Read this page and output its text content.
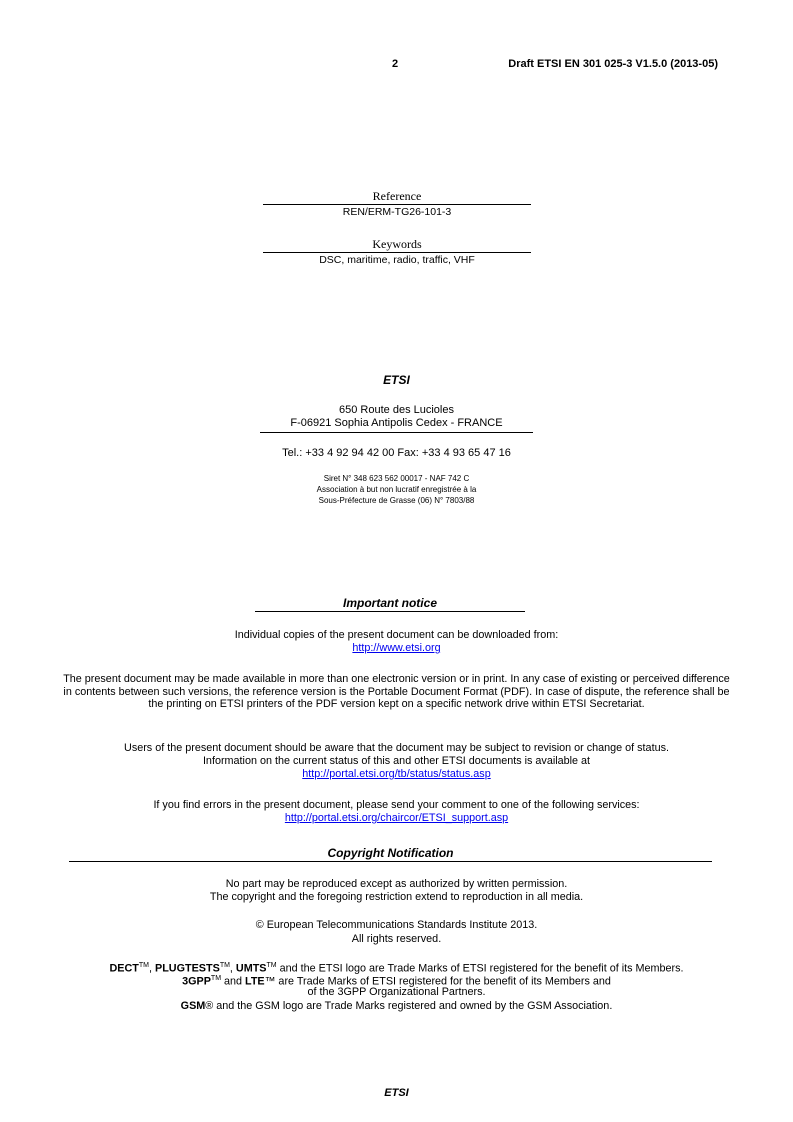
2	Draft ETSI EN 301 025-3 V1.5.0 (2013-05)
Reference
REN/ERM-TG26-101-3
Keywords
DSC, maritime, radio, traffic, VHF
ETSI
650 Route des Lucioles
F-06921 Sophia Antipolis Cedex - FRANCE
Tel.: +33 4 92 94 42 00 Fax: +33 4 93 65 47 16
Siret N° 348 623 562 00017 - NAF 742 C
Association à but non lucratif enregistrée à la
Sous-Préfecture de Grasse (06) N° 7803/88
Important notice
Individual copies of the present document can be downloaded from:
http://www.etsi.org
The present document may be made available in more than one electronic version or in print. In any case of existing or perceived difference in contents between such versions, the reference version is the Portable Document Format (PDF). In case of dispute, the reference shall be the printing on ETSI printers of the PDF version kept on a specific network drive within ETSI Secretariat.
Users of the present document should be aware that the document may be subject to revision or change of status.
Information on the current status of this and other ETSI documents is available at
http://portal.etsi.org/tb/status/status.asp
If you find errors in the present document, please send your comment to one of the following services:
http://portal.etsi.org/chaircor/ETSI_support.asp
Copyright Notification
No part may be reproduced except as authorized by written permission.
The copyright and the foregoing restriction extend to reproduction in all media.
© European Telecommunications Standards Institute 2013.
All rights reserved.
DECT™, PLUGTESTS™, UMTS™ and the ETSI logo are Trade Marks of ETSI registered for the benefit of its Members.
3GPP™ and LTE™ are Trade Marks of ETSI registered for the benefit of its Members and
of the 3GPP Organizational Partners.
GSM® and the GSM logo are Trade Marks registered and owned by the GSM Association.
ETSI
